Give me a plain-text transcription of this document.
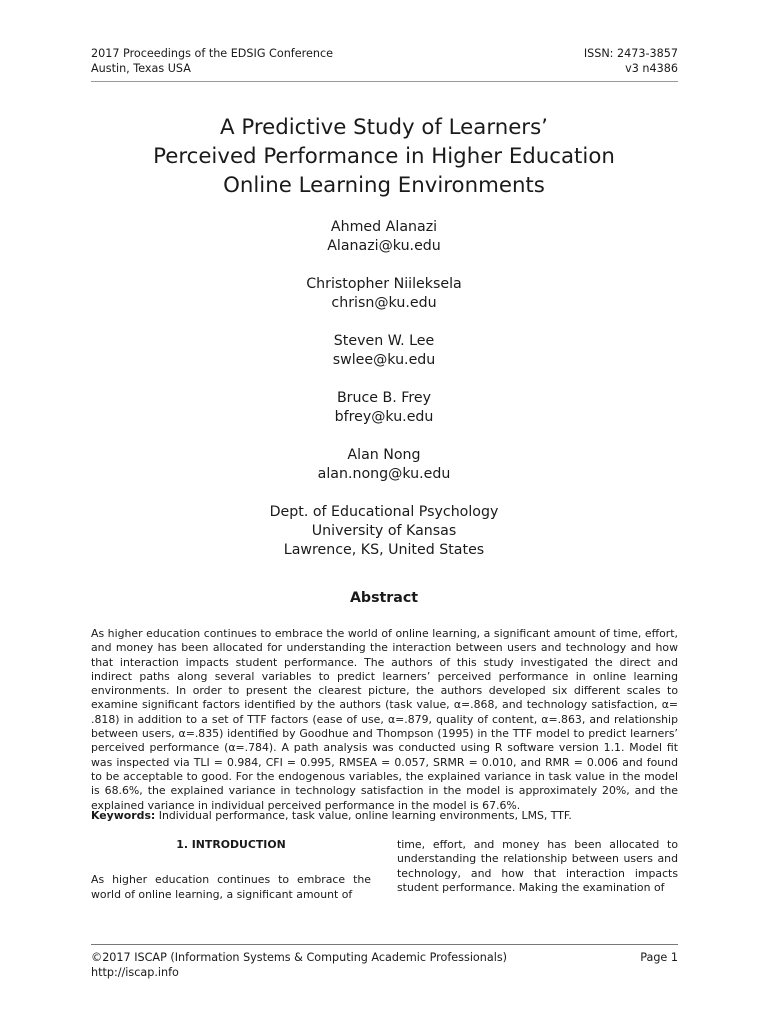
2017 Proceedings of the EDSIG Conference
Austin, Texas USA
ISSN: 2473-3857
v3 n4386
A Predictive Study of Learners’
Perceived Performance in Higher Education
Online Learning Environments
Ahmed Alanazi
Alanazi@ku.edu
Christopher Niileksela
chrisn@ku.edu
Steven W. Lee
swlee@ku.edu
Bruce B. Frey
bfrey@ku.edu
Alan Nong
alan.nong@ku.edu
Dept. of Educational Psychology
University of Kansas
Lawrence, KS, United States
Abstract

As higher education continues to embrace the world of online learning, a significant amount of time, effort, and money has been allocated for understanding the interaction between users and technology and how that interaction impacts student performance. The authors of this study investigated the direct and indirect paths along several variables to predict learners’ perceived performance in online learning environments. In order to present the clearest picture, the authors developed six different scales to examine significant factors identified by the authors (task value, α=.868, and technology satisfaction, α= .818) in addition to a set of TTF factors (ease of use, α=.879, quality of content, α=.863, and relationship between users, α=.835) identified by Goodhue and Thompson (1995) in the TTF model to predict learners’ perceived performance (α=.784). A path analysis was conducted using R software version 1.1. Model fit was inspected via TLI = 0.984, CFI = 0.995, RMSEA = 0.057, SRMR = 0.010, and RMR = 0.006 and found to be acceptable to good. For the endogenous variables, the explained variance in task value in the model is 68.6%, the explained variance in technology satisfaction in the model is approximately 20%, and the explained variance in individual perceived performance in the model is 67.6%.

Keywords: Individual performance, task value, online learning environments, LMS, TTF.
1. INTRODUCTION

As higher education continues to embrace the world of online learning, a significant amount of

time, effort, and money has been allocated to understanding the relationship between users and technology, and how that interaction impacts student performance. Making the examination of

©2017 ISCAP (Information Systems & Computing Academic Professionals)
http://iscap.info
Page 1
